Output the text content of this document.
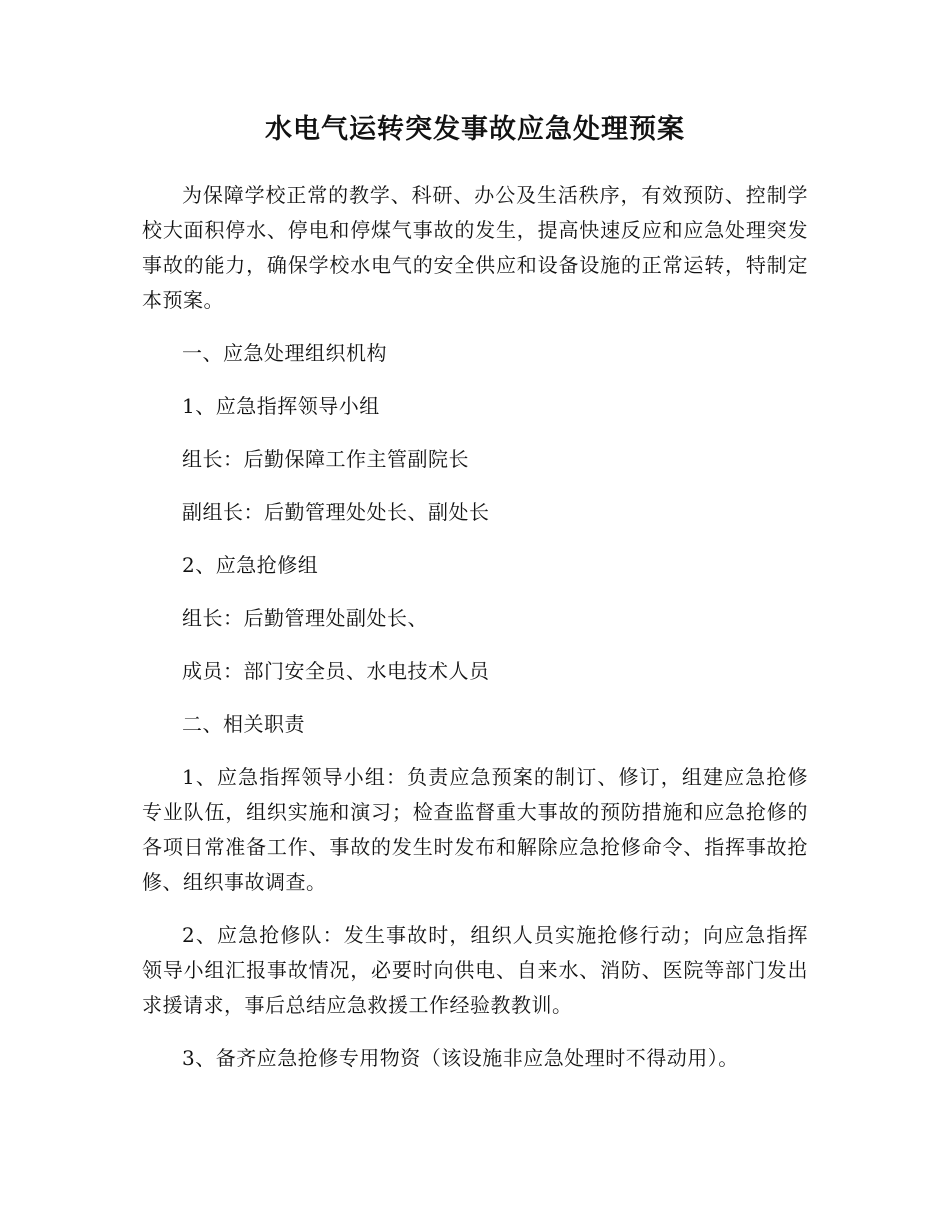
水电气运转突发事故应急处理预案

为保障学校正常的教学、科研、办公及生活秩序，有效预防、控制学校大面积停水、停电和停煤气事故的发生，提高快速反应和应急处理突发事故的能力，确保学校水电气的安全供应和设备设施的正常运转，特制定本预案。

一、应急处理组织机构

1、应急指挥领导小组

组长：后勤保障工作主管副院长

副组长：后勤管理处处长、副处长

2、应急抢修组

组长：后勤管理处副处长、

成员：部门安全员、水电技术人员

二、相关职责

1、应急指挥领导小组：负责应急预案的制订、修订，组建应急抢修专业队伍，组织实施和演习；检查监督重大事故的预防措施和应急抢修的各项日常准备工作、事故的发生时发布和解除应急抢修命令、指挥事故抢修、组织事故调查。

2、应急抢修队：发生事故时，组织人员实施抢修行动；向应急指挥领导小组汇报事故情况，必要时向供电、自来水、消防、医院等部门发出求援请求，事后总结应急救援工作经验教教训。

3、备齐应急抢修专用物资（该设施非应急处理时不得动用）。
